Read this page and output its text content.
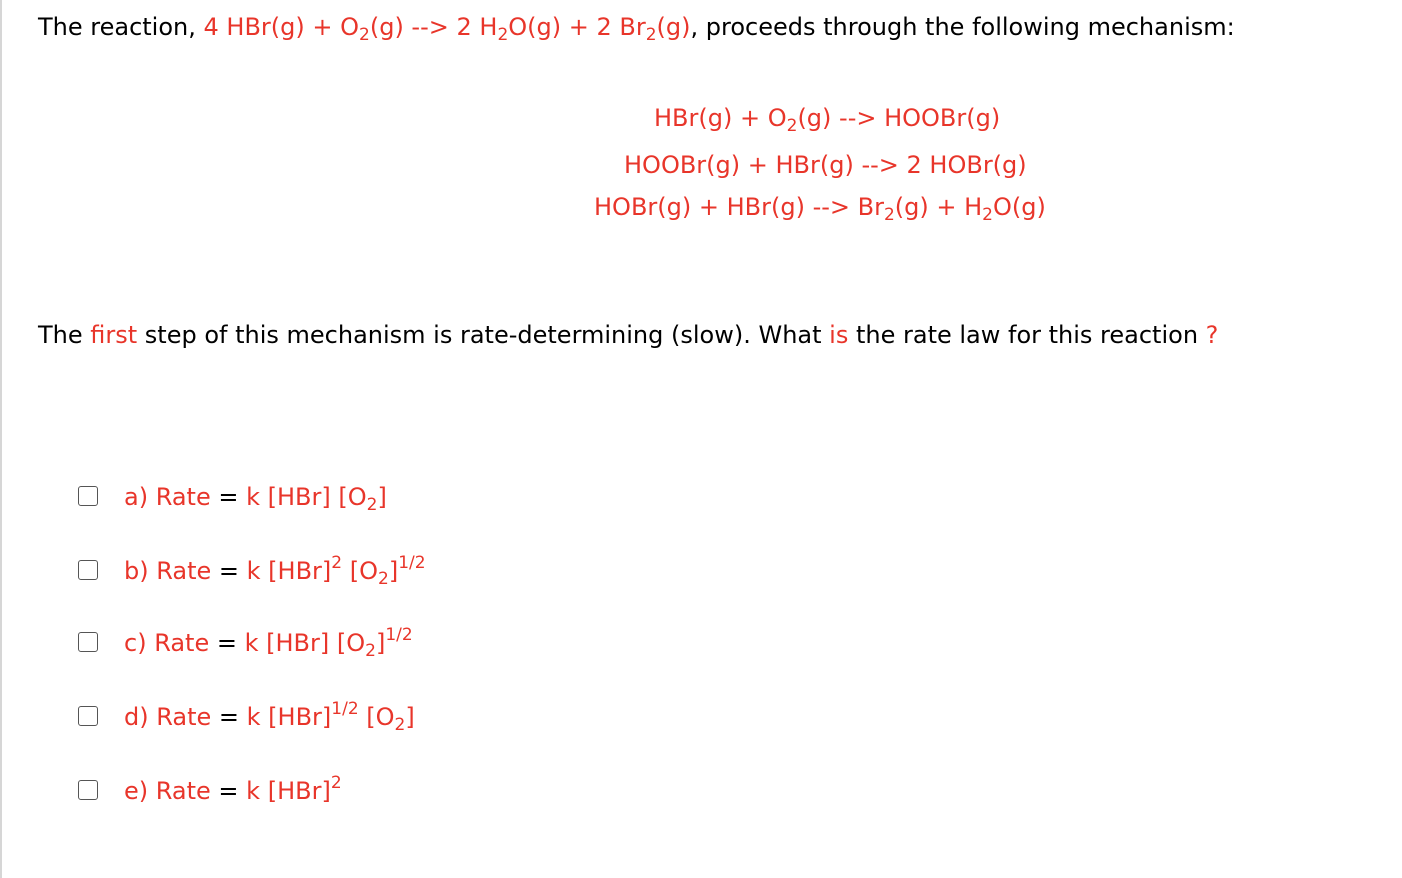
The reaction, 4 $HBr(g) + O_2(g)$ --> 2 $H_2O(g) + 2$ $Br_2(g)$, proceeds through the following mechanism:
$HBr(g) + O_2(g)$ --> HOOBr(g)
HOOBr(g) + HBr(g) --> 2 HOBr(g)
HOBr(g) + HBr(g) --> $Br_2(g) + H_2O(g)$
The first step of this mechanism is rate-determining (slow). What is the rate law for this reaction ?
a) Rate = k [HBr] $[O_2]$
b) Rate = k [HBr]$^2$ $[O_2]^{1/2}$
c) Rate = k [HBr] $[O_2]^{1/2}$
d) Rate = k [HBr]$^{1/2}$ $[O_2]$
e) Rate = k [HBr]$^2$
